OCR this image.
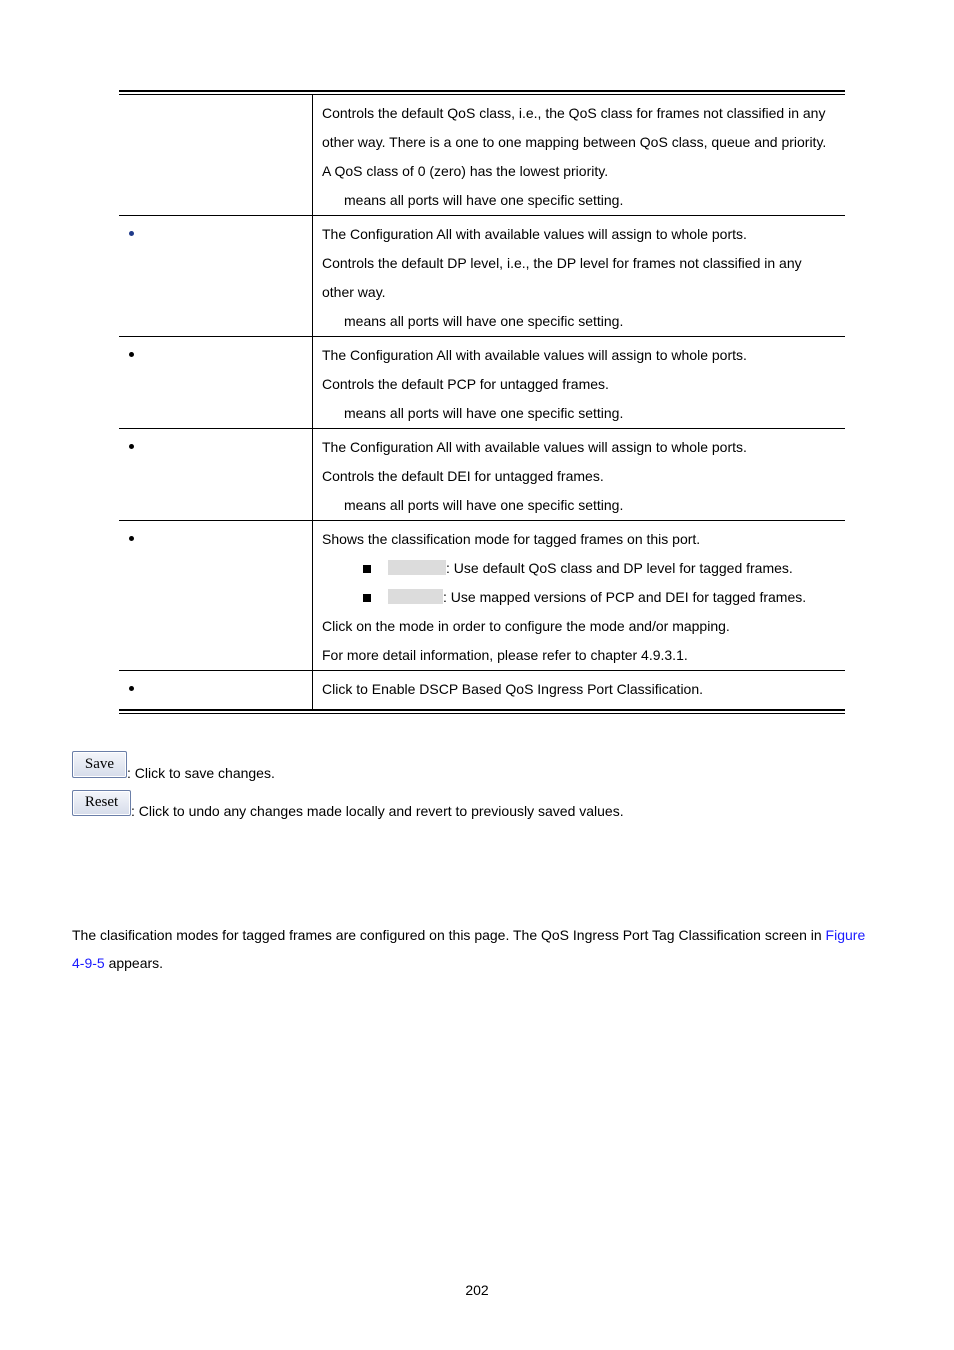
	Controls the default QoS class, i.e., the QoS class for frames not classified in any
other way. There is a one to one mapping between QoS class, queue and priority.
A QoS class of 0 (zero) has the lowest priority.
means all ports will have one specific setting.

	The Configuration All with available values will assign to whole ports.
Controls the default DP level, i.e., the DP level for frames not classified in any
other way.
means all ports will have one specific setting.

	The Configuration All with available values will assign to whole ports.
Controls the default PCP for untagged frames.
means all ports will have one specific setting.

	The Configuration All with available values will assign to whole ports.
Controls the default DEI for untagged frames.
means all ports will have one specific setting.

	Shows the classification mode for tagged frames on this port.
: Use default QoS class and DP level for tagged frames.
: Use mapped versions of PCP and DEI for tagged frames.
Click on the mode in order to configure the mode and/or mapping.
For more detail information, please refer to chapter 4.9.3.1.

	Click to Enable DSCP Based QoS Ingress Port Classification.
Save: Click to save changes.
Reset: Click to undo any changes made locally and revert to previously saved values.
The clasification modes for tagged frames are configured on this page. The QoS Ingress Port Tag Classification screen in Figure
4-9-5 appears.
202
